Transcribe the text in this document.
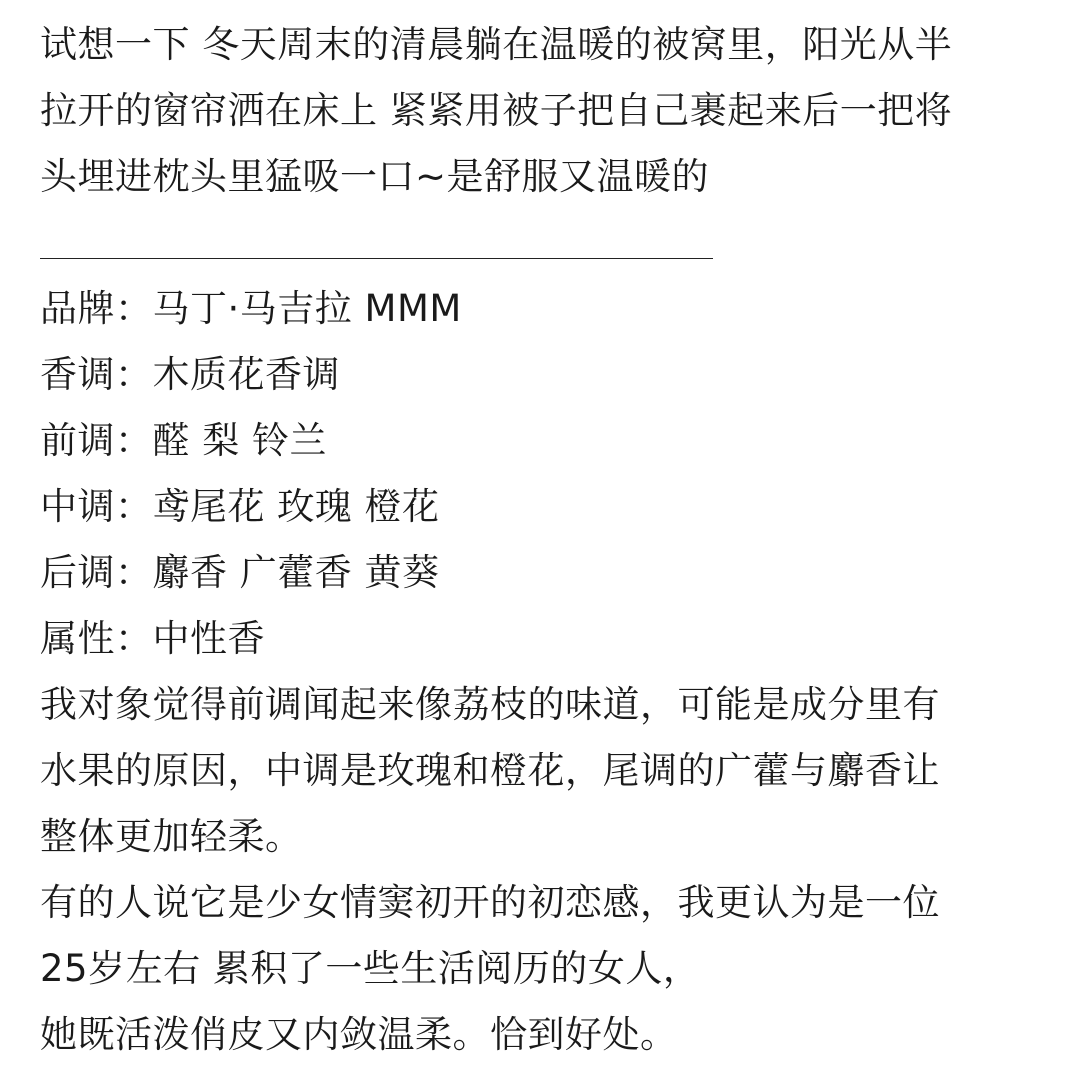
试想一下 冬天周末的清晨躺在温暖的被窝里，阳光从半
拉开的窗帘洒在床上 紧紧用被子把自己裹起来后一把将
头埋进枕头里猛吸一口~是舒服又温暖的
品牌：马丁·马吉拉 MMM
香调：木质花香调
前调：醛 梨 铃兰
中调：鸢尾花 玫瑰 橙花
后调：麝香 广藿香 黄葵
属性：中性香
我对象觉得前调闻起来像荔枝的味道，可能是成分里有
水果的原因，中调是玫瑰和橙花，尾调的广藿与麝香让
整体更加轻柔。
有的人说它是少女情窦初开的初恋感，我更认为是一位
25岁左右 累积了一些生活阅历的女人，
她既活泼俏皮又内敛温柔。恰到好处。
